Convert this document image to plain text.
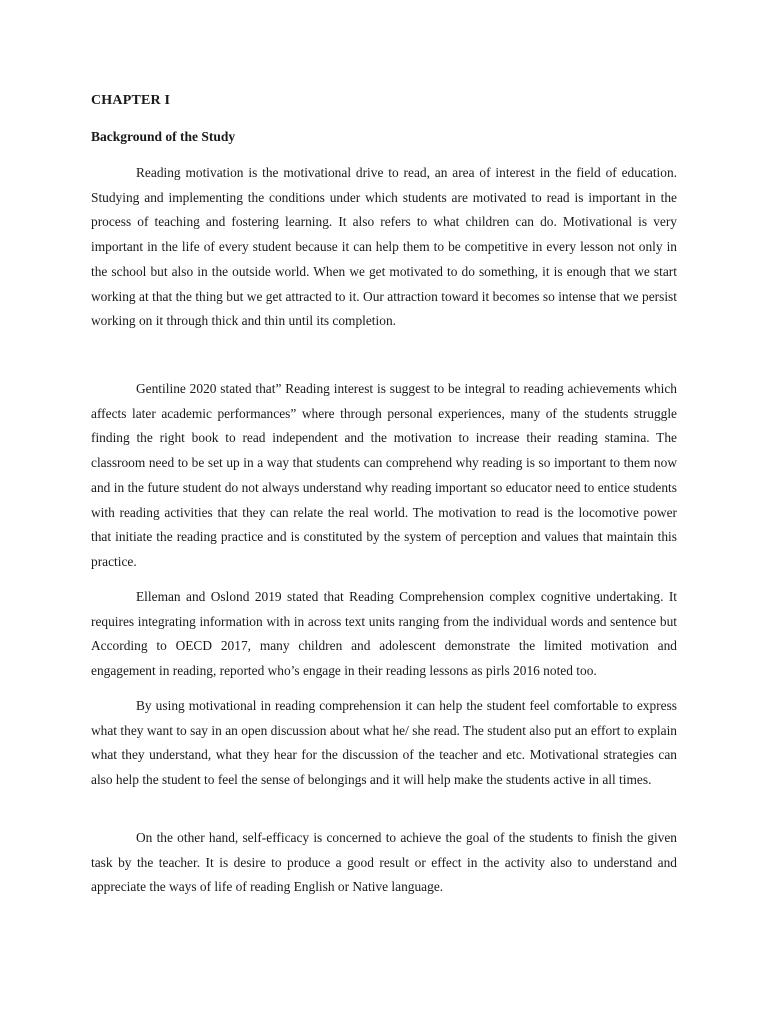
CHAPTER I
Background of the Study

Reading motivation is the motivational drive to read, an area of interest in the field of education. Studying and implementing the conditions under which students are motivated to read is important in the process of teaching and fostering learning. It also refers to what children can do. Motivational is very important in the life of every student because it can help them to be competitive in every lesson not only in the school but also in the outside world. When we get motivated to do something, it is enough that we start working at that the thing but we get attracted to it. Our attraction toward it becomes so intense that we persist working on it through thick and thin until its completion.

Gentiline 2020 stated that” Reading interest is suggest to be integral to reading achievements which affects later academic performances” where through personal experiences, many of the students struggle finding the right book to read independent and the motivation to increase their reading stamina. The classroom need to be set up in a way that students can comprehend why reading is so important to them now and in the future student do not always understand why reading important so educator need to entice students with reading activities that they can relate the real world. The motivation to read is the locomotive power that initiate the reading practice and is constituted by the system of perception and values that maintain this practice.

Elleman and Oslond 2019 stated that Reading Comprehension complex cognitive undertaking. It requires integrating information with in across text units ranging from the individual words and sentence but According to OECD 2017, many children and adolescent demonstrate the limited motivation and engagement in reading, reported who’s engage in their reading lessons as pirls 2016 noted too.

By using motivational in reading comprehension it can help the student feel comfortable to express what they want to say in an open discussion about what he/ she read. The student also put an effort to explain what they understand, what they hear for the discussion of the teacher and etc. Motivational strategies can also help the student to feel the sense of belongings and it will help make the students active in all times.

On the other hand, self-efficacy is concerned to achieve the goal of the students to finish the given task by the teacher. It is desire to produce a good result or effect in the activity also to understand and appreciate the ways of life of reading English or Native language.
